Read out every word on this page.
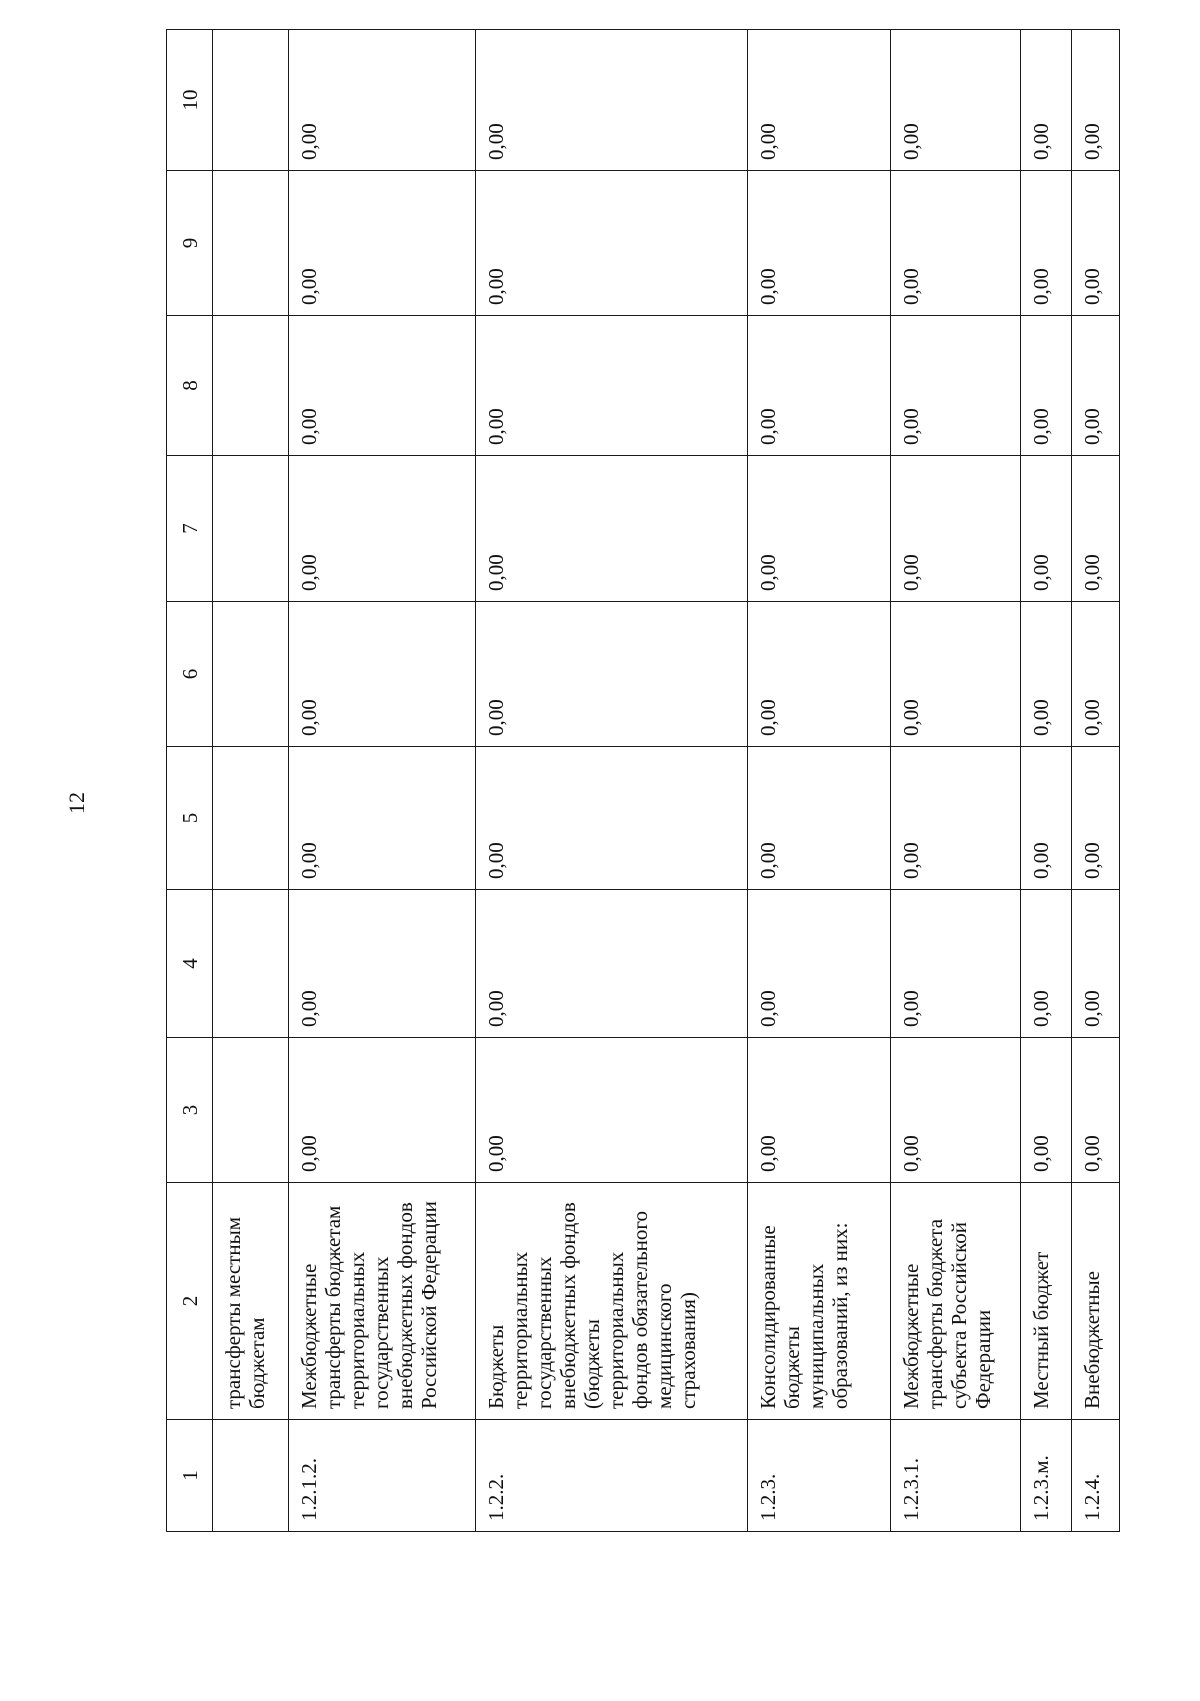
12
1	2	3	4	5	6	7	8	9	10
	трансферты местным бюджетам								
1.2.1.2.	Межбюджетные трансферты бюджетам территориальных государственных внебюджетных фондов Российской Федерации	0,00	0,00	0,00	0,00	0,00	0,00	0,00	0,00
1.2.2.	Бюджеты территориальных государственных внебюджетных фондов (бюджеты территориальных фондов обязательного медицинского страхования)	0,00	0,00	0,00	0,00	0,00	0,00	0,00	0,00
1.2.3.	Консолидированные бюджеты муниципальных образований, из них:	0,00	0,00	0,00	0,00	0,00	0,00	0,00	0,00
1.2.3.1.	Межбюджетные трансферты бюджета субъекта Российской Федерации	0,00	0,00	0,00	0,00	0,00	0,00	0,00	0,00
1.2.3.м.	Местный бюджет	0,00	0,00	0,00	0,00	0,00	0,00	0,00	0,00
1.2.4.	Внебюджетные	0,00	0,00	0,00	0,00	0,00	0,00	0,00	0,00
